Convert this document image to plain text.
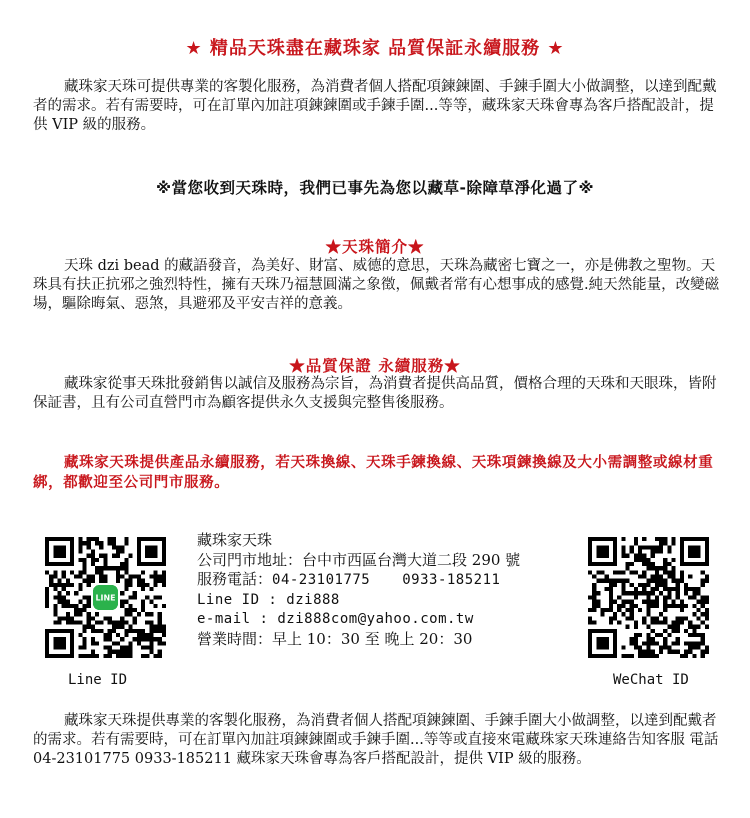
★ 精品天珠盡在藏珠家 品質保証永續服務 ★
藏珠家天珠可提供專業的客製化服務，為消費者個人搭配項鍊鍊圍、手鍊手圍大小做調整，以達到配戴者的需求。若有需要時，可在訂單內加註項鍊鍊圍或手鍊手圍...等等，藏珠家天珠會專為客戶搭配設計，提供 VIP 級的服務。
※當您收到天珠時，我們已事先為您以藏草-除障草淨化過了※
★天珠簡介★
天珠 dzi bead 的藏語發音，為美好、財富、威德的意思，天珠為藏密七寶之一，亦是佛教之聖物。天珠具有扶正抗邪之強烈特性，擁有天珠乃福慧圓滿之象徵，佩戴者常有心想事成的感覺.純天然能量，改變磁場，驅除晦氣、惡煞，具避邪及平安吉祥的意義。
★品質保證 永續服務★
藏珠家從事天珠批發銷售以誠信及服務為宗旨，為消費者提供高品質，價格合理的天珠和天眼珠，皆附保証書，且有公司直營門市為顧客提供永久支援與完整售後服務。
藏珠家天珠提供產品永續服務，若天珠換線、天珠手鍊換線、天珠項鍊換線及大小需調整或線材重綁，都歡迎至公司門市服務。
LINE
Line ID
藏珠家天珠
公司門市地址：台中市西區台灣大道二段 290 號
服務電話：04-23101775 0933-185211
Line ID : dzi888
e-mail : dzi888com@yahoo.com.tw
營業時間：早上 10：30 至 晚上 20：30
WeChat ID
藏珠家天珠提供專業的客製化服務，為消費者個人搭配項鍊鍊圍、手鍊手圍大小做調整，以達到配戴者的需求。若有需要時，可在訂單內加註項鍊鍊圍或手鍊手圍...等等或直接來電藏珠家天珠連絡告知客服 電話 04-23101775 0933-185211 藏珠家天珠會專為客戶搭配設計，提供 VIP 級的服務。
